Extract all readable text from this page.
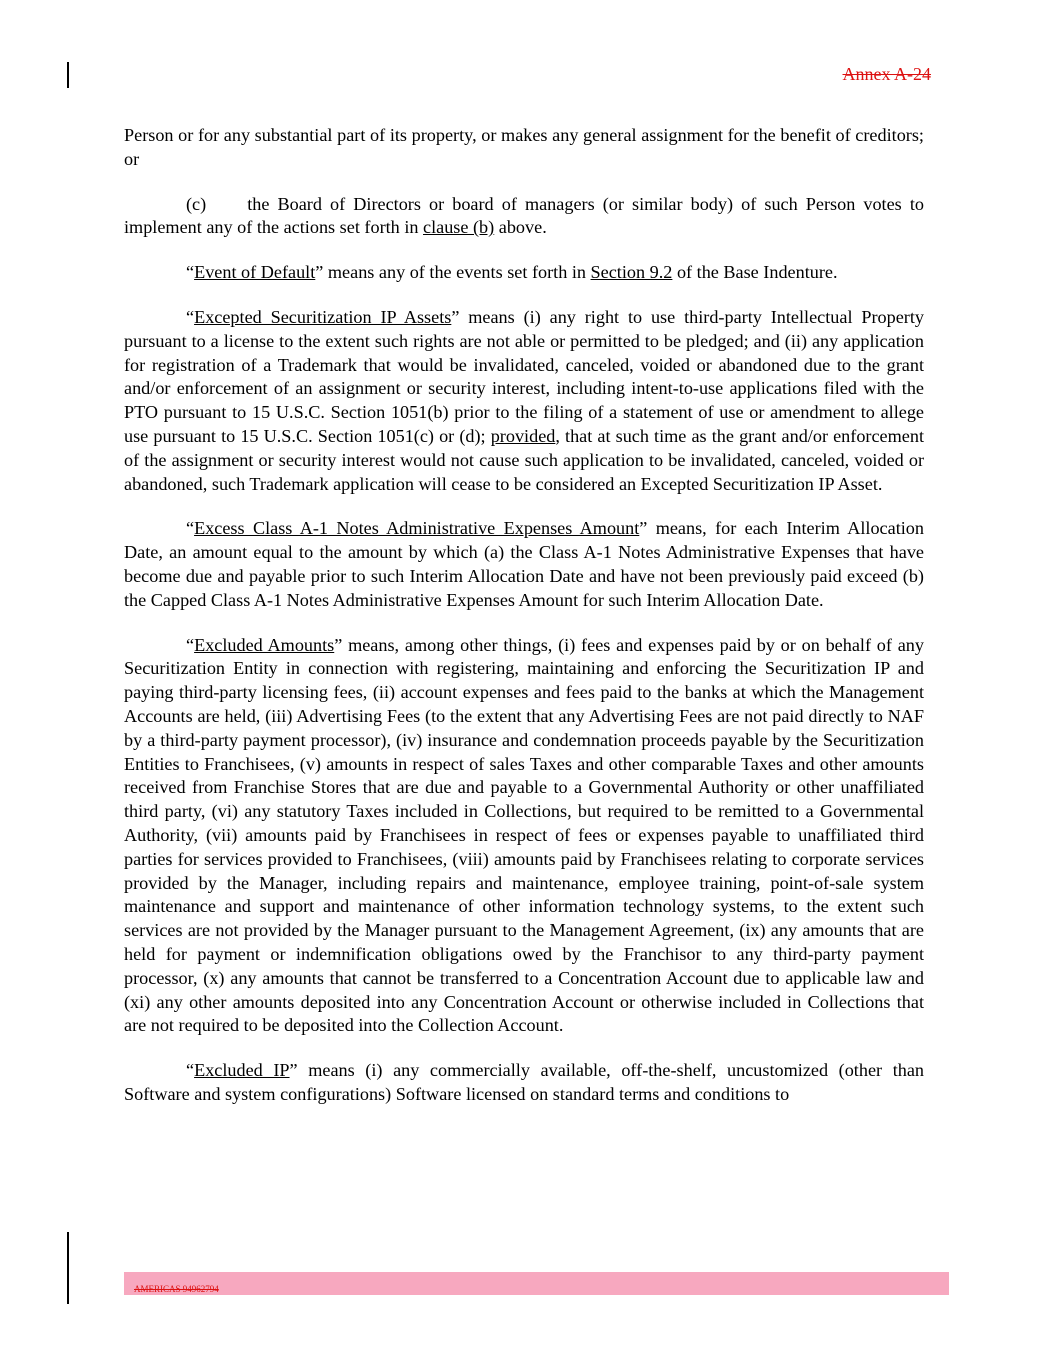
Annex A-24

Person or for any substantial part of its property, or makes any general assignment for the benefit of creditors; or

(c) the Board of Directors or board of managers (or similar body) of such Person votes to implement any of the actions set forth in clause (b) above.

“Event of Default” means any of the events set forth in Section 9.2 of the Base Indenture.

“Excepted Securitization IP Assets” means (i) any right to use third-party Intellectual Property pursuant to a license to the extent such rights are not able or permitted to be pledged; and (ii) any application for registration of a Trademark that would be invalidated, canceled, voided or abandoned due to the grant and/or enforcement of an assignment or security interest, including intent-to-use applications filed with the PTO pursuant to 15 U.S.C. Section 1051(b) prior to the filing of a statement of use or amendment to allege use pursuant to 15 U.S.C. Section 1051(c) or (d); provided, that at such time as the grant and/or enforcement of the assignment or security interest would not cause such application to be invalidated, canceled, voided or abandoned, such Trademark application will cease to be considered an Excepted Securitization IP Asset.

“Excess Class A-1 Notes Administrative Expenses Amount” means, for each Interim Allocation Date, an amount equal to the amount by which (a) the Class A-1 Notes Administrative Expenses that have become due and payable prior to such Interim Allocation Date and have not been previously paid exceed (b) the Capped Class A-1 Notes Administrative Expenses Amount for such Interim Allocation Date.

“Excluded Amounts” means, among other things, (i) fees and expenses paid by or on behalf of any Securitization Entity in connection with registering, maintaining and enforcing the Securitization IP and paying third-party licensing fees, (ii) account expenses and fees paid to the banks at which the Management Accounts are held, (iii) Advertising Fees (to the extent that any Advertising Fees are not paid directly to NAF by a third-party payment processor), (iv) insurance and condemnation proceeds payable by the Securitization Entities to Franchisees, (v) amounts in respect of sales Taxes and other comparable Taxes and other amounts received from Franchise Stores that are due and payable to a Governmental Authority or other unaffiliated third party, (vi) any statutory Taxes included in Collections, but required to be remitted to a Governmental Authority, (vii) amounts paid by Franchisees in respect of fees or expenses payable to unaffiliated third parties for services provided to Franchisees, (viii) amounts paid by Franchisees relating to corporate services provided by the Manager, including repairs and maintenance, employee training, point-of-sale system maintenance and support and maintenance of other information technology systems, to the extent such services are not provided by the Manager pursuant to the Management Agreement, (ix) any amounts that are held for payment or indemnification obligations owed by the Franchisor to any third-party payment processor, (x) any amounts that cannot be transferred to a Concentration Account due to applicable law and (xi) any other amounts deposited into any Concentration Account or otherwise included in Collections that are not required to be deposited into the Collection Account.

“Excluded IP” means (i) any commercially available, off-the-shelf, uncustomized (other than Software and system configurations) Software licensed on standard terms and conditions to

AMERICAS 94962794
